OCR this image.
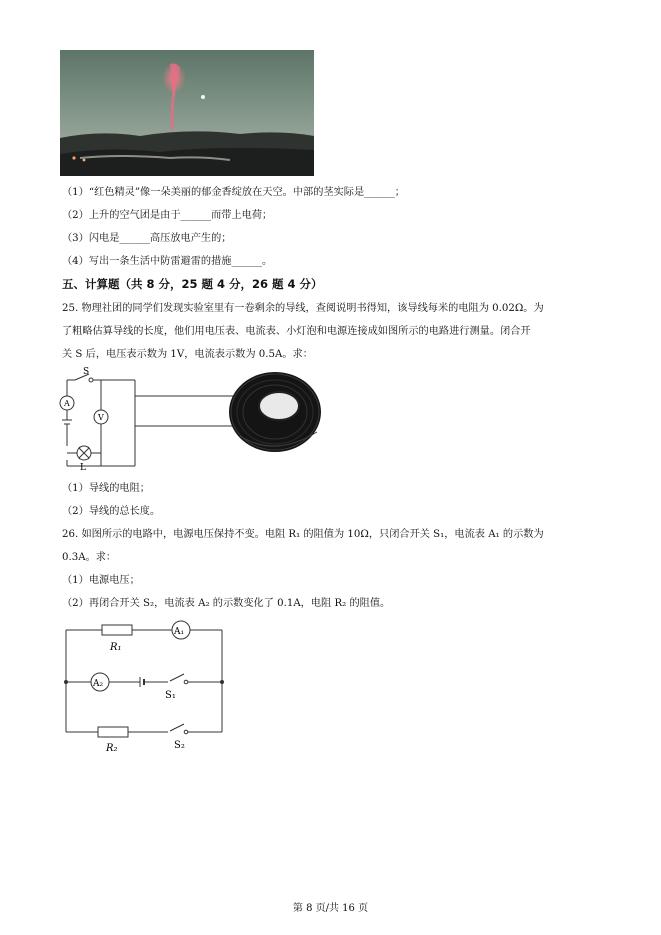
（1）“红色精灵”像一朵美丽的郁金香绽放在天空。中部的茎实际是______；
（2）上升的空气团是由于______而带上电荷；
（3）闪电是______高压放电产生的；
（4）写出一条生活中防雷避雷的措施______。
五、计算题（共 8 分，25 题 4 分，26 题 4 分）
25. 物理社团的同学们发现实验室里有一卷剩余的导线，查阅说明书得知，该导线每米的电阻为 0.02Ω。为
了粗略估算导线的长度，他们用电压表、电流表、小灯泡和电源连接成如图所示的电路进行测量。闭合开
关 S 后，电压表示数为 1V，电流表示数为 0.5A。求：
S
A
V
L
（1）导线的电阻；
（2）导线的总长度。
26. 如图所示的电路中，电源电压保持不变。电阻 R₁ 的阻值为 10Ω，只闭合开关 S₁，电流表 A₁ 的示数为
0.3A。求：
（1）电源电压；
（2）再闭合开关 S₂，电流表 A₂ 的示数变化了 0.1A，电阻 R₂ 的阻值。
R₁
A₁
A₂
S₁
R₂	S₂
第 8 页/共 16 页
